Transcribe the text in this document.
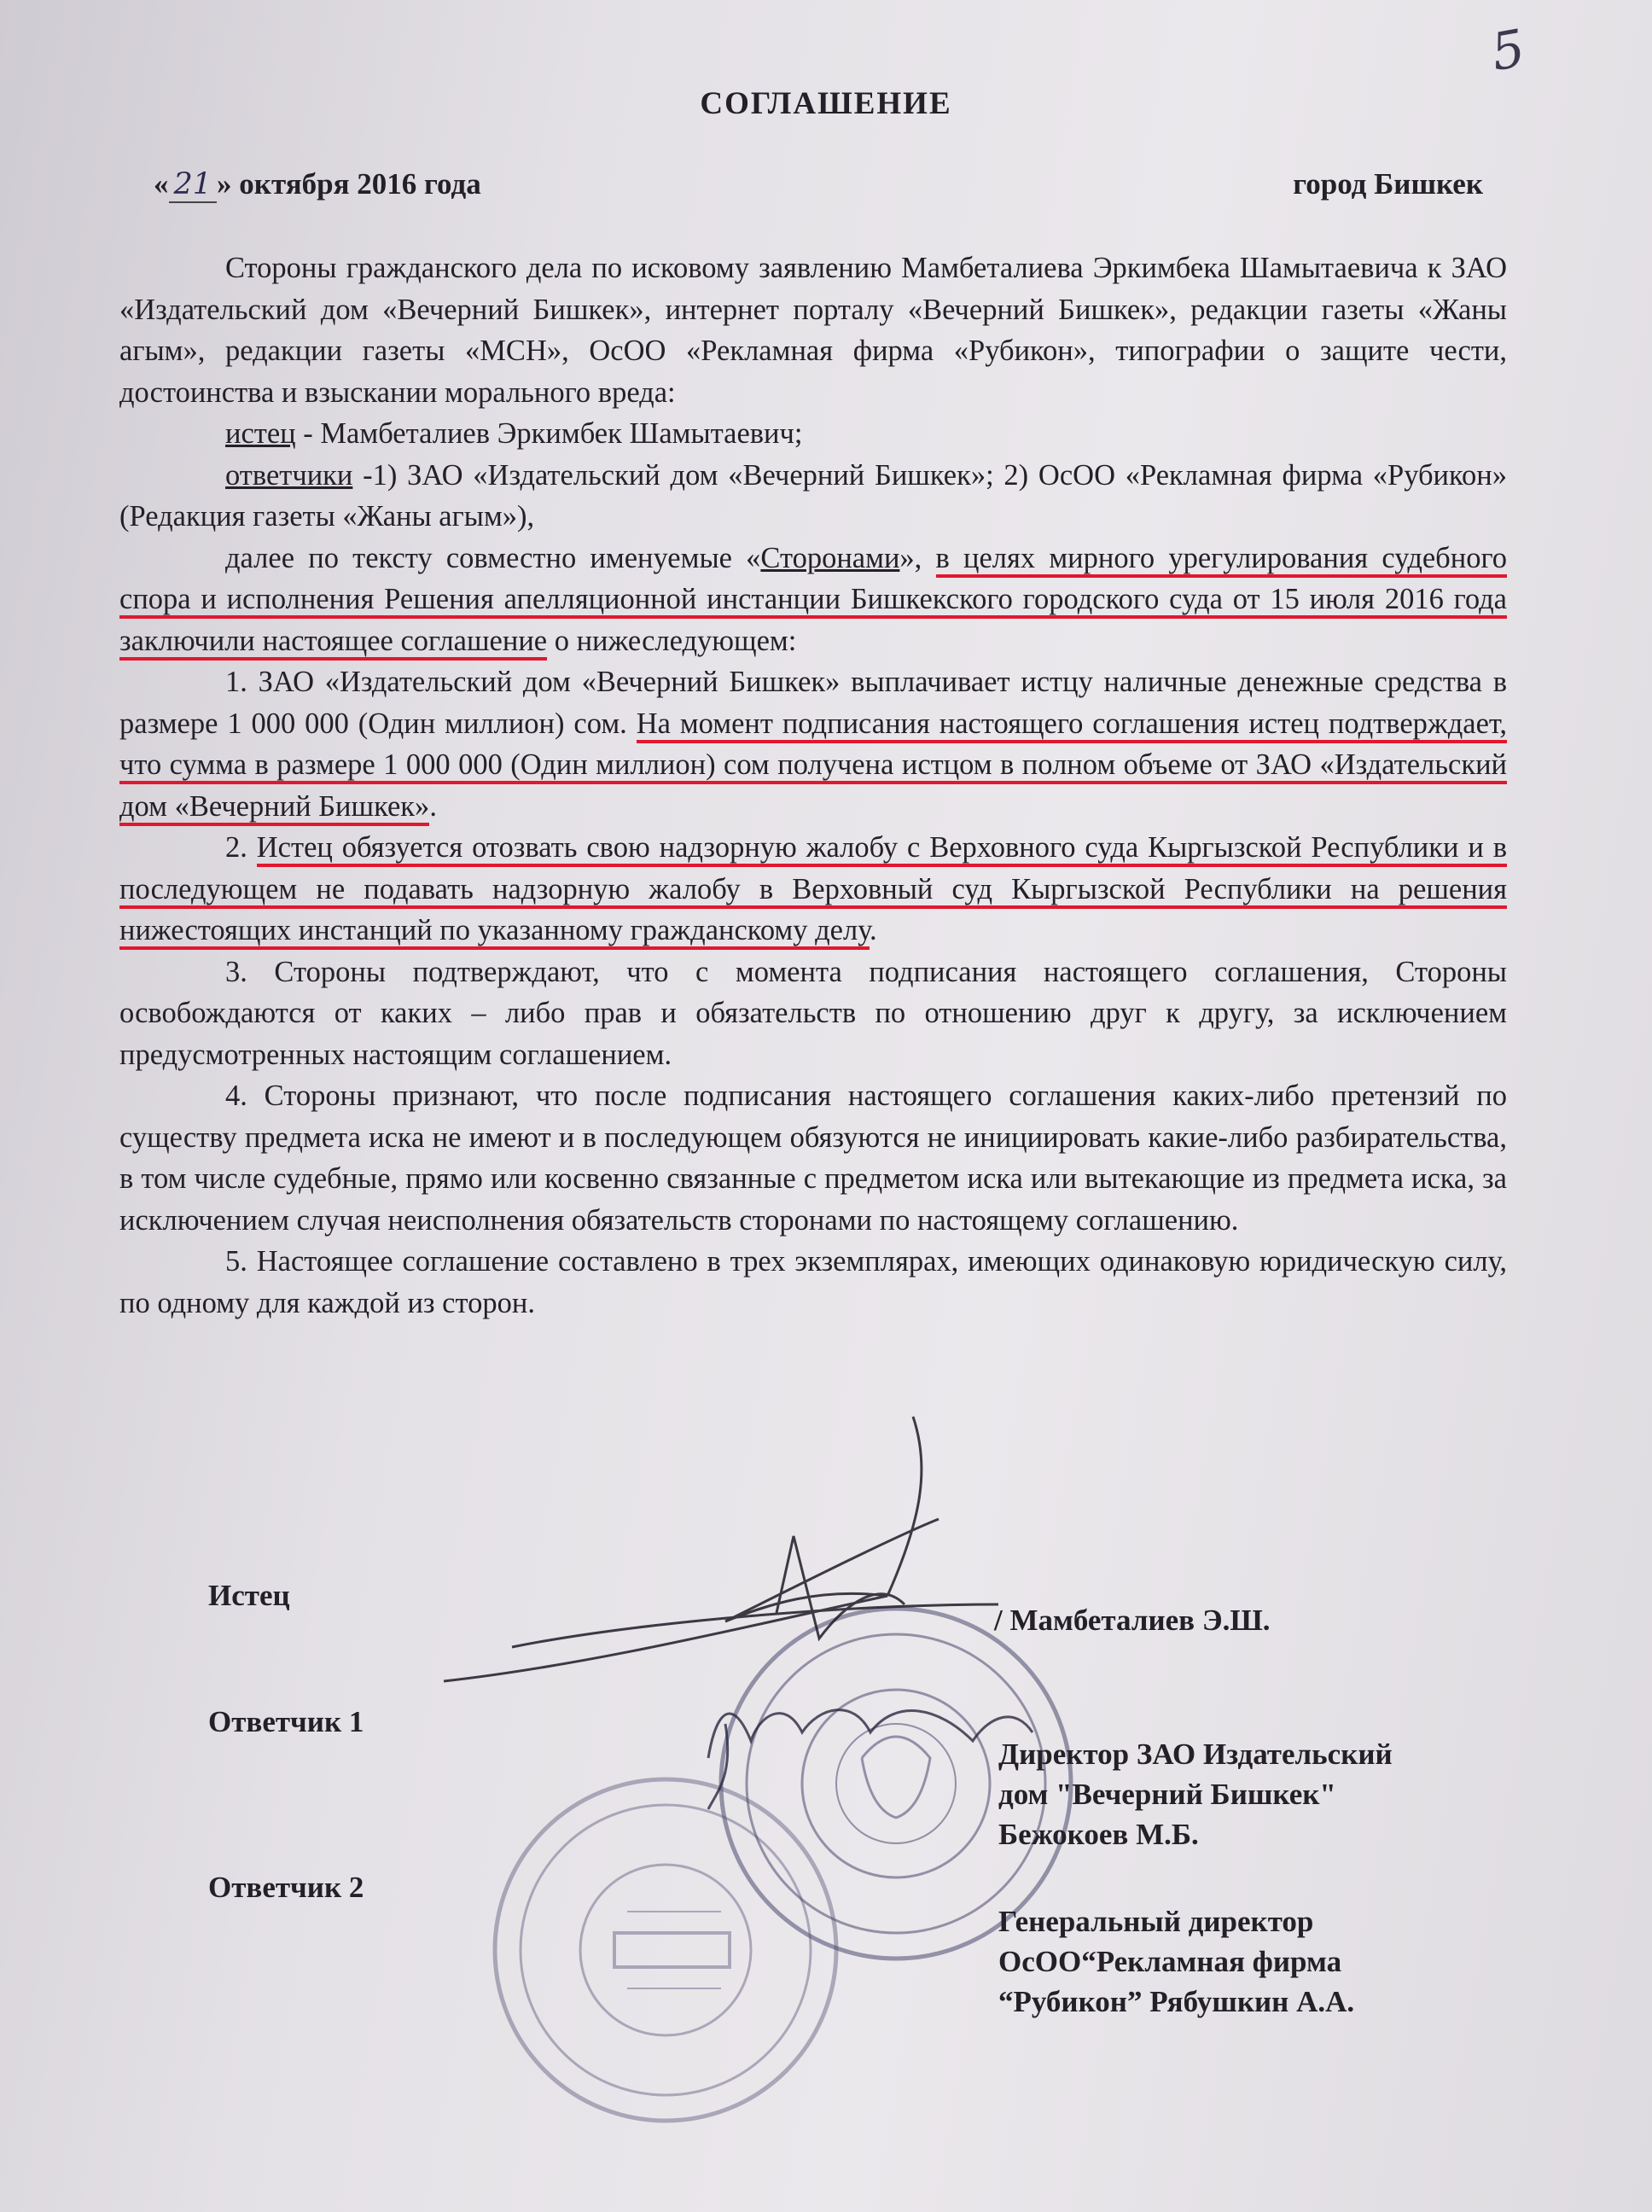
5
СОГЛАШЕНИЕ
« 21 » октября 2016 года	город Бишкек

Стороны гражданского дела по исковому заявлению Мамбеталиева Эркимбека Шамытаевича к ЗАО «Издательский дом «Вечерний Бишкек», интернет порталу «Вечерний Бишкек», редакции газеты «Жаны агым», редакции газеты «МСН», ОсОО «Рекламная фирма «Рубикон», типографии о защите чести, достоинства и взыскании морального вреда:

истец - Мамбеталиев Эркимбек Шамытаевич;

ответчики -1) ЗАО «Издательский дом «Вечерний Бишкек»; 2) ОсОО «Рекламная фирма «Рубикон» (Редакция газеты «Жаны агым»),

далее по тексту совместно именуемые «Сторонами», в целях мирного урегулирования судебного спора и исполнения Решения апелляционной инстанции Бишкекского городского суда от 15 июля 2016 года заключили настоящее соглашение о нижеследующем:

1. ЗАО «Издательский дом «Вечерний Бишкек» выплачивает истцу наличные денежные средства в размере 1 000 000 (Один миллион) сом. На момент подписания настоящего соглашения истец подтверждает, что сумма в размере 1 000 000 (Один миллион) сом получена истцом в полном объеме от ЗАО «Издательский дом «Вечерний Бишкек».

2. Истец обязуется отозвать свою надзорную жалобу с Верховного суда Кыргызской Республики и в последующем не подавать надзорную жалобу в Верховный суд Кыргызской Республики на решения нижестоящих инстанций по указанному гражданскому делу.

3. Стороны подтверждают, что с момента подписания настоящего соглашения, Стороны освобождаются от каких – либо прав и обязательств по отношению друг к другу, за исключением предусмотренных настоящим соглашением.

4. Стороны признают, что после подписания настоящего соглашения каких-либо претензий по существу предмета иска не имеют и в последующем обязуются не инициировать какие-либо разбирательства, в том числе судебные, прямо или косвенно связанные с предметом иска или вытекающие из предмета иска, за исключением случая неисполнения обязательств сторонами по настоящему соглашению.

5. Настоящее соглашение составлено в трех экземплярах, имеющих одинаковую юридическую силу, по одному для каждой из сторон.

Истец
/ Мамбеталиев Э.Ш.
Ответчик 1
Директор ЗАО Издательский
дом "Вечерний Бишкек"
Бежокоев М.Б.
Ответчик 2
Генеральный директор
ОсОО“Рекламная фирма
“Рубикон” Рябушкин А.А.
